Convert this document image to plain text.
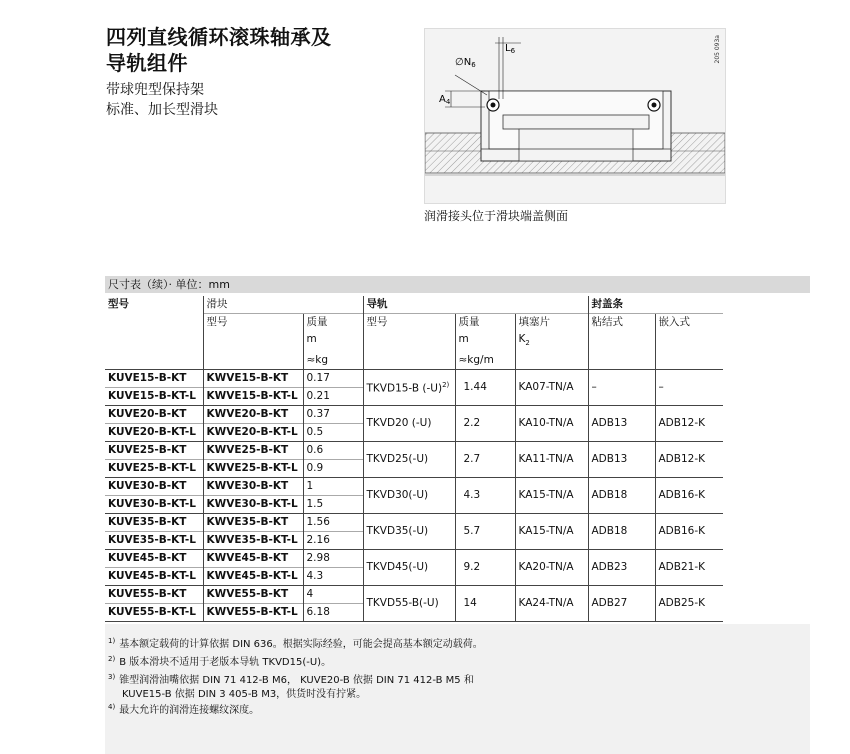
四列直线循环滚珠轴承及
导轨组件
带球兜型保持架
标准、加长型滑块
205 093a
$\emptyset N_6$
$L_6$
$A_4$
润滑接头位于滑块端盖侧面
尺寸表（续）· 单位：mm
型号	滑块		导轨			封盖条	
	型号	质量	型号	质量	填塞片	粘结式	嵌入式
		m		m	$K_2$		
		≈kg		≈kg/m			
KUVE15-B-KT	KWVE15-B-KT	0.17	TKVD15-B $(-U)^{2)}$	1.44	KA07-TN/A	–	–
KUVE15-B-KT-L	KWVE15-B-KT-L	0.21					
KUVE20-B-KT	KWVE20-B-KT	0.37	TKVD20 (-U)	2.2	KA10-TN/A	ADB13	ADB12-K
KUVE20-B-KT-L	KWVE20-B-KT-L	0.5					
KUVE25-B-KT	KWVE25-B-KT	0.6	TKVD25(-U)	2.7	KA11-TN/A	ADB13	ADB12-K
KUVE25-B-KT-L	KWVE25-B-KT-L	0.9					
KUVE30-B-KT	KWVE30-B-KT	1	TKVD30(-U)	4.3	KA15-TN/A	ADB18	ADB16-K
KUVE30-B-KT-L	KWVE30-B-KT-L	1.5					
KUVE35-B-KT	KWVE35-B-KT	1.56	TKVD35(-U)	5.7	KA15-TN/A	ADB18	ADB16-K
KUVE35-B-KT-L	KWVE35-B-KT-L	2.16					
KUVE45-B-KT	KWVE45-B-KT	2.98	TKVD45(-U)	9.2	KA20-TN/A	ADB23	ADB21-K
KUVE45-B-KT-L	KWVE45-B-KT-L	4.3					
KUVE55-B-KT	KWVE55-B-KT	4	TKVD55-B(-U)	14	KA24-TN/A	ADB27	ADB25-K
KUVE55-B-KT-L	KWVE55-B-KT-L	6.18					

$^{1)}$ 基本额定载荷的计算依据 DIN 636。根据实际经验，可能会提高基本额定动载荷。
$^{2)}$ B 版本滑块不适用于老版本导轨 TKVD15(-U)。
$^{3)}$ 锥型润滑油嘴依据 DIN 71 412-B M6， KUVE20-B 依据 DIN 71 412-B M5 和
KUVE15-B 依据 DIN 3 405-B M3，供货时没有拧紧。
$^{4)}$ 最大允许的润滑连接螺纹深度。
